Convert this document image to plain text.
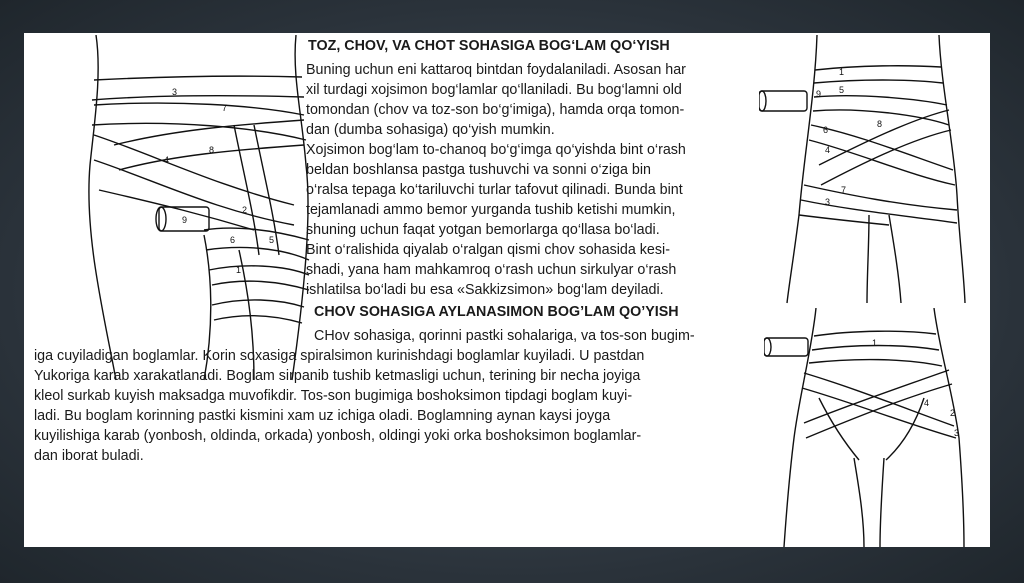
3
7
8
4
2
6
9
5
1
TOZ, CHOV, VA CHOT SOHASIGA BOG‘LAM QO‘YISH
Buning uchun eni kattaroq bintdan foydalaniladi. Asosan har
xil turdagi xojsimon bog‘lamlar qo‘llaniladi. Bu bog‘lamni old
tomondan (chov va toz-son bo‘g‘imiga), hamda orqa tomon-
dan (dumba sohasiga) qo‘yish mumkin.
Xojsimon bog‘lam to-chanoq bo‘g‘imga qo‘yishda bint o‘rash
beldan boshlansa pastga tushuvchi va sonni o‘ziga bin
o‘ralsa tepaga ko‘tariluvchi turlar tafovut qilinadi. Bunda bint
tejamlanadi ammo bemor yurganda tushib ketishi mumkin,
shuning uchun faqat yotgan bemorlarga qo‘llasa bo‘ladi.
Bint o‘ralishida qiyalab o‘ralgan qismi chov sohasida kesi-
shadi, yana ham mahkamroq o‘rash uchun sirkulyar o‘rash
ishlatilsa bo‘ladi bu esa «Sakkizsimon» bog‘lam deyiladi.
CHOV SOHASIGA AYLANASIMON BOG’LAM QO’YISH
CHov sohasiga, qorinni pastki sohalariga, va tos-son bugim-
iga cuyiladigan boglamlar. Korin soxasiga spiralsimon kurinishdagi boglamlar kuyiladi. U pastdan
Yukoriga karab xarakatlanadi. Boglam sirpanib tushib ketmasligi uchun, terining bir necha joyiga
kleol surkab kuyish maksadga muvofikdir. Tos-son bugimiga boshoksimon tipdagi boglam kuyi-
ladi. Bu boglam korinning pastki kismini xam uz ichiga oladi. Boglamning aynan kaysi joyga
kuyilishiga karab (yonbosh, oldinda, orkada) yonbosh, oldingi yoki orka boshoksimon boglamlar-
dan iborat buladi.
1
5
9
8
6
4
7
3
1
4
2
3
